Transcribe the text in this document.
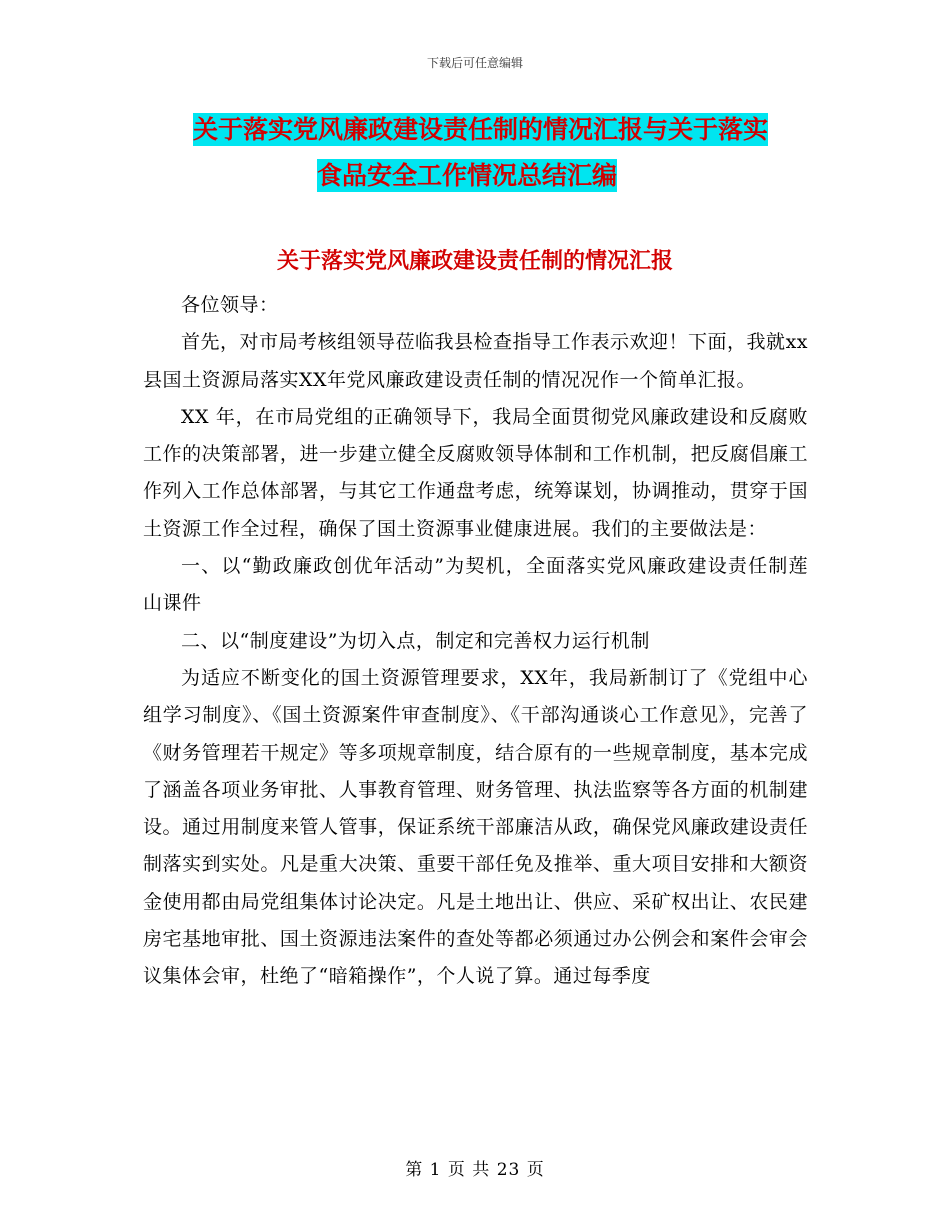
下载后可任意编辑
关于落实党风廉政建设责任制的情况汇报与关于落实
食品安全工作情况总结汇编
关于落实党风廉政建设责任制的情况汇报

各位领导：

首先，对市局考核组领导莅临我县检查指导工作表示欢迎！下面，我就xx县国土资源局落实XX年党风廉政建设责任制的情况况作一个简单汇报。

XX 年，在市局党组的正确领导下，我局全面贯彻党风廉政建设和反腐败工作的决策部署，进一步建立健全反腐败领导体制和工作机制，把反腐倡廉工作列入工作总体部署，与其它工作通盘考虑，统筹谋划，协调推动，贯穿于国土资源工作全过程，确保了国土资源事业健康进展。我们的主要做法是：

一、以“勤政廉政创优年活动”为契机，全面落实党风廉政建设责任制莲 山课件

二、以“制度建设”为切入点，制定和完善权力运行机制

为适应不断变化的国土资源管理要求，XX年，我局新制订了《党组中心组学习制度》、《国土资源案件审查制度》、《干部沟通谈心工作意见》，完善了《财务管理若干规定》等多项规章制度，结合原有的一些规章制度，基本完成了涵盖各项业务审批、人事教育管理、财务管理、执法监察等各方面的机制建设。通过用制度来管人管事，保证系统干部廉洁从政，确保党风廉政建设责任制落实到实处。凡是重大决策、重要干部任免及推举、重大项目安排和大额资金使用都由局党组集体讨论决定。凡是土地出让、供应、采矿权出让、农民建房宅基地审批、国土资源违法案件的查处等都必须通过办公例会和案件会审会议集体会审，杜绝了“暗箱操作”，个人说了算。通过每季度

第 1 页 共 23 页
